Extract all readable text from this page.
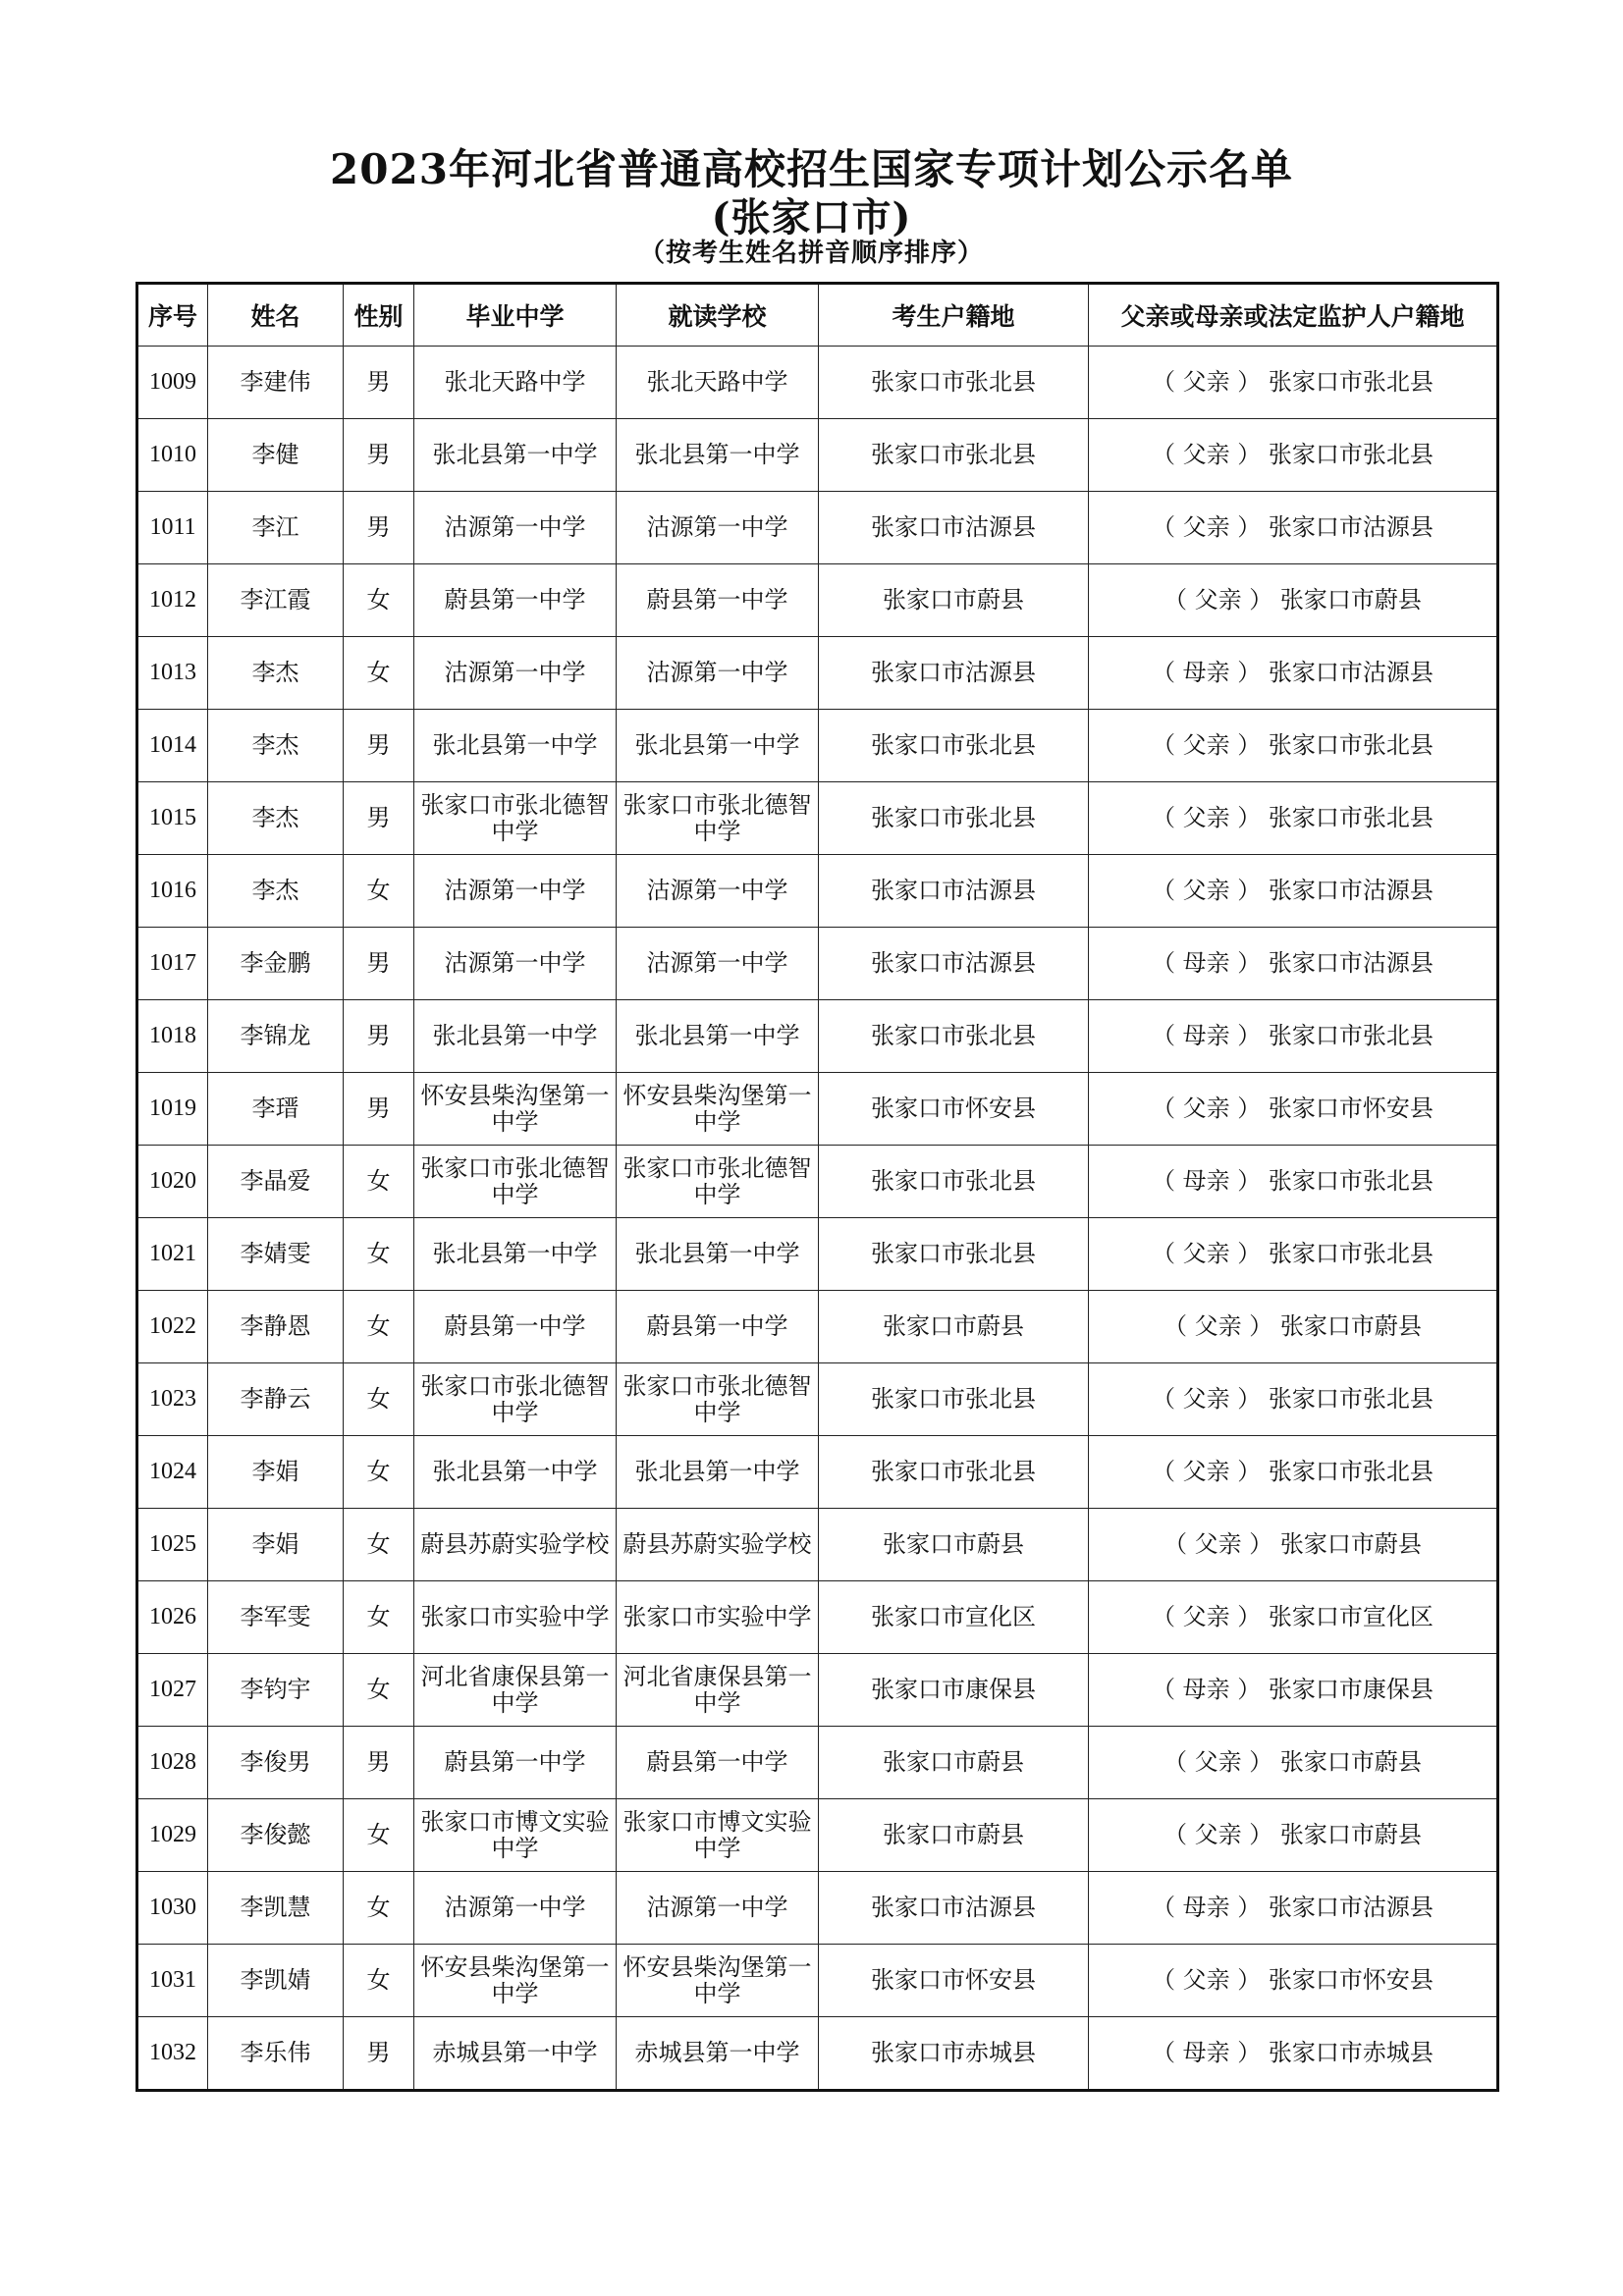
2023年河北省普通高校招生国家专项计划公示名单
(张家口市)
（按考生姓名拼音顺序排序）
序号	姓名	性别	毕业中学	就读学校	考生户籍地	父亲或母亲或法定监护人户籍地
1009	李建伟	男	张北天路中学	张北天路中学	张家口市张北县	（ 父亲 ） 张家口市张北县
1010	李健	男	张北县第一中学	张北县第一中学	张家口市张北县	（ 父亲 ） 张家口市张北县
1011	李江	男	沽源第一中学	沽源第一中学	张家口市沽源县	（ 父亲 ） 张家口市沽源县
1012	李江霞	女	蔚县第一中学	蔚县第一中学	张家口市蔚县	（ 父亲 ） 张家口市蔚县
1013	李杰	女	沽源第一中学	沽源第一中学	张家口市沽源县	（ 母亲 ） 张家口市沽源县
1014	李杰	男	张北县第一中学	张北县第一中学	张家口市张北县	（ 父亲 ） 张家口市张北县
1015	李杰	男	张家口市张北德智中学	张家口市张北德智中学	张家口市张北县	（ 父亲 ） 张家口市张北县
1016	李杰	女	沽源第一中学	沽源第一中学	张家口市沽源县	（ 父亲 ） 张家口市沽源县
1017	李金鹏	男	沽源第一中学	沽源第一中学	张家口市沽源县	（ 母亲 ） 张家口市沽源县
1018	李锦龙	男	张北县第一中学	张北县第一中学	张家口市张北县	（ 母亲 ） 张家口市张北县
1019	李瑨	男	怀安县柴沟堡第一中学	怀安县柴沟堡第一中学	张家口市怀安县	（ 父亲 ） 张家口市怀安县
1020	李晶爱	女	张家口市张北德智中学	张家口市张北德智中学	张家口市张北县	（ 母亲 ） 张家口市张北县
1021	李婧雯	女	张北县第一中学	张北县第一中学	张家口市张北县	（ 父亲 ） 张家口市张北县
1022	李静恩	女	蔚县第一中学	蔚县第一中学	张家口市蔚县	（ 父亲 ） 张家口市蔚县
1023	李静云	女	张家口市张北德智中学	张家口市张北德智中学	张家口市张北县	（ 父亲 ） 张家口市张北县
1024	李娟	女	张北县第一中学	张北县第一中学	张家口市张北县	（ 父亲 ） 张家口市张北县
1025	李娟	女	蔚县苏蔚实验学校	蔚县苏蔚实验学校	张家口市蔚县	（ 父亲 ） 张家口市蔚县
1026	李军雯	女	张家口市实验中学	张家口市实验中学	张家口市宣化区	（ 父亲 ） 张家口市宣化区
1027	李钧宇	女	河北省康保县第一中学	河北省康保县第一中学	张家口市康保县	（ 母亲 ） 张家口市康保县
1028	李俊男	男	蔚县第一中学	蔚县第一中学	张家口市蔚县	（ 父亲 ） 张家口市蔚县
1029	李俊懿	女	张家口市博文实验中学	张家口市博文实验中学	张家口市蔚县	（ 父亲 ） 张家口市蔚县
1030	李凯慧	女	沽源第一中学	沽源第一中学	张家口市沽源县	（ 母亲 ） 张家口市沽源县
1031	李凯婧	女	怀安县柴沟堡第一中学	怀安县柴沟堡第一中学	张家口市怀安县	（ 父亲 ） 张家口市怀安县
1032	李乐伟	男	赤城县第一中学	赤城县第一中学	张家口市赤城县	（ 母亲 ） 张家口市赤城县
